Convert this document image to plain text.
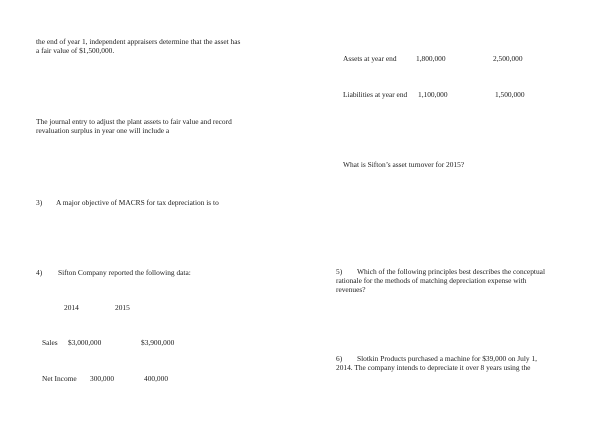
the end of year 1, independent appraisers determine that the asset has
a fair value of $1,500,000.
The journal entry to adjust the plant assets to fair value and record
revaluation surplus in year one will include a
3) A major objective of MACRS for tax depreciation is to
4) Sifton Company reported the following data:
2014	2015
Sales $3,000,000	$3,900,000
Net Income 300,000	400,000
Assets at year end	1,800,000	2,500,000
Liabilities at year end 1,100,000	1,500,000
What is Sifton’s asset turnover for 2015?
5) Which of the following principles best describes the conceptual
rationale for the methods of matching depreciation expense with
revenues?
6) Slotkin Products purchased a machine for $39,000 on July 1,
2014. The company intends to depreciate it over 8 years using the
